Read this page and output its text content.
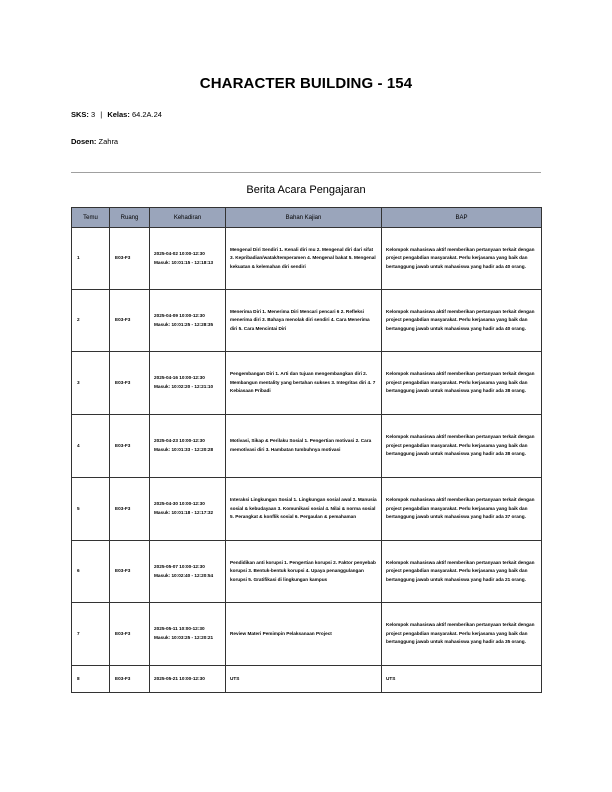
CHARACTER BUILDING - 154
SKS: 3 | Kelas: 64.2A.24
Dosen: Zahra
Berita Acara Pengajaran
Temu	Ruang	Kehadiran	Bahan Kajian	BAP
1	E03-F3	2025-04-02 10:00-12:30 Masuk: 10:01:15 - 12:18:13	Mengenal Diri Sendiri 1. Kenali diri mu 2. Mengenal diri dari sifat 3. Kepribadian/watak/temperamen 4. Mengenal bakat 5. Mengenal kekuatan & kelemahan diri sendiri	Kelompok mahasiswa aktif memberikan pertanyaan terkait dengan project pengabdian masyarakat. Perlu kerjasama yang baik dan bertanggung jawab untuk mahasiswa yang hadir ada 40 orang.
2	E03-F3	2025-04-09 10:00-12:30 Masuk: 10:01:25 - 12:28:35	Menerima Diri 1. Menerima Diri Mencari pencari 6 2. Refleksi menerima diri 3. Bahaya menolak diri sendiri 4. Cara Menerima diri 5. Cara Mencintai Diri	Kelompok mahasiswa aktif memberikan pertanyaan terkait dengan project pengabdian masyarakat. Perlu kerjasama yang baik dan bertanggung jawab untuk mahasiswa yang hadir ada 40 orang.
3	E03-F3	2025-04-16 10:00-12:30 Masuk: 10:02:20 - 12:21:10	Pengembangan Diri 1. Arti dan tujuan mengembangkan diri 2. Membangun mentality yang bertahan sukses 3. Integritas diri 4. 7 Kebiasaan Pribadi	Kelompok mahasiswa aktif memberikan pertanyaan terkait dengan project pengabdian masyarakat. Perlu kerjasama yang baik dan bertanggung jawab untuk mahasiswa yang hadir ada 38 orang.
4	E03-F3	2025-04-23 10:00-12:30 Masuk: 10:01:33 - 12:20:28	Motivasi, Sikap & Perilaku Sosial 1. Pengertian motivasi 2. Cara memotivasi diri 3. Hambatan tumbuhnya motivasi	Kelompok mahasiswa aktif memberikan pertanyaan terkait dengan project pengabdian masyarakat. Perlu kerjasama yang baik dan bertanggung jawab untuk mahasiswa yang hadir ada 38 orang.
5	E03-F3	2025-04-30 10:00-12:30 Masuk: 10:01:18 - 12:17:32	Interaksi Lingkungan Sosial 1. Lingkungan sosial awal 2. Manusia sosial & kebudayaan 3. Komunikasi sosial 4. Nilai & norma sosial 5. Perangkat & konflik sosial 6. Pergaulan & pemahaman	Kelompok mahasiswa aktif memberikan pertanyaan terkait dengan project pengabdian masyarakat. Perlu kerjasama yang baik dan bertanggung jawab untuk mahasiswa yang hadir ada 37 orang.
6	E03-F3	2025-05-07 10:00-12:30 Masuk: 10:02:40 - 12:20:54	Pendidikan anti korupsi 1. Pengertian korupsi 2. Faktor penyebab korupsi 3. Bentuk-bentuk korupsi 4. Upaya penanggulangan korupsi 5. Gratifikasi di lingkungan kampus	Kelompok mahasiswa aktif memberikan pertanyaan terkait dengan project pengabdian masyarakat. Perlu kerjasama yang baik dan bertanggung jawab untuk mahasiswa yang hadir ada 21 orang.
7	E03-F3	2025-05-11 10:00-12:30 Masuk: 10:03:25 - 12:20:21	Review Materi Pemimpin Pelaksanaan Project	Kelompok mahasiswa aktif memberikan pertanyaan terkait dengan project pengabdian masyarakat. Perlu kerjasama yang baik dan bertanggung jawab untuk mahasiswa yang hadir ada 35 orang.
8	E03-F3	2025-05-21 10:00-12:30	UTS	UTS
